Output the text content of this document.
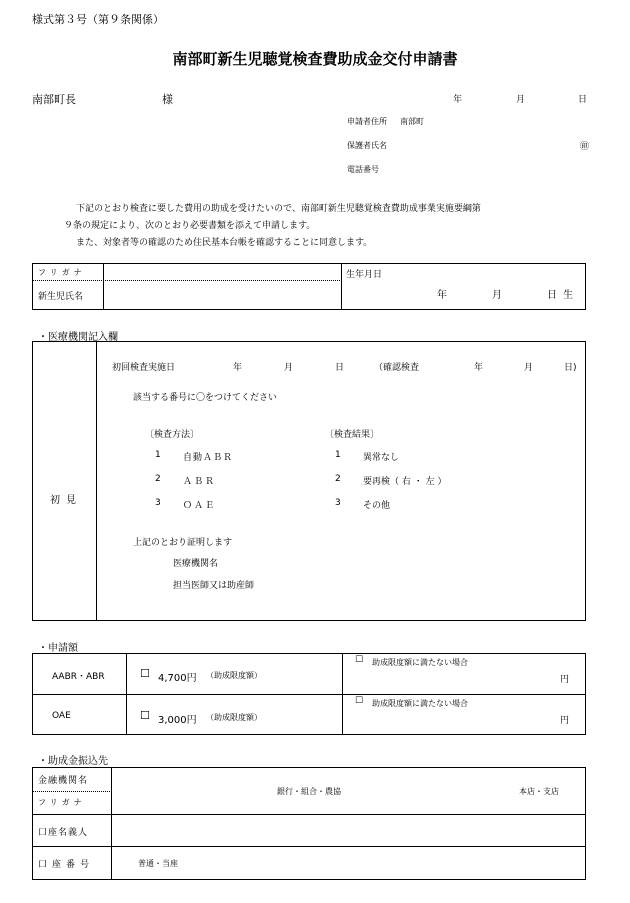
様式第３号（第９条関係）
南部町新生児聴覚検査費助成金交付申請書
南部町長	様	年	月	日
申請者住所 南部町
保護者氏名	㊞
電話番号
下記のとおり検査に要した費用の助成を受けたいので、南部町新生児聴覚検査費助成事業実施要綱第
９条の規定により、次のとおり必要書類を添えて申請します。
また、対象者等の確認のため住民基本台帳を確認することに同意します。
フリガナ
新生児氏名
生年月日
年	月	日生
・医療機関記入欄
初見
初回検査実施日	年	月	日	（確認検査	年	月	日)
該当する番号に〇をつけてください
〔検査方法〕	〔検査結果〕
1 自動ＡＢＲ
2 ＡＢＲ
3 ＯＡＥ
1 異常なし
2 要再検（ 右 ・ 左 ）
3 その他
上記のとおり証明します
医療機関名
担当医師又は助産師
・申請額
AABR・ABR	☐ 4,700円 （助成限度額）
☐ 助成限度額に満たない場合
円
OAE	☐ 3,000円 （助成限度額）
☐ 助成限度額に満たない場合
円
・助成金振込先
金融機関名
フリガナ
銀行・組合・農協	本店・支店
口座名義人
口座番号	普通・当座
